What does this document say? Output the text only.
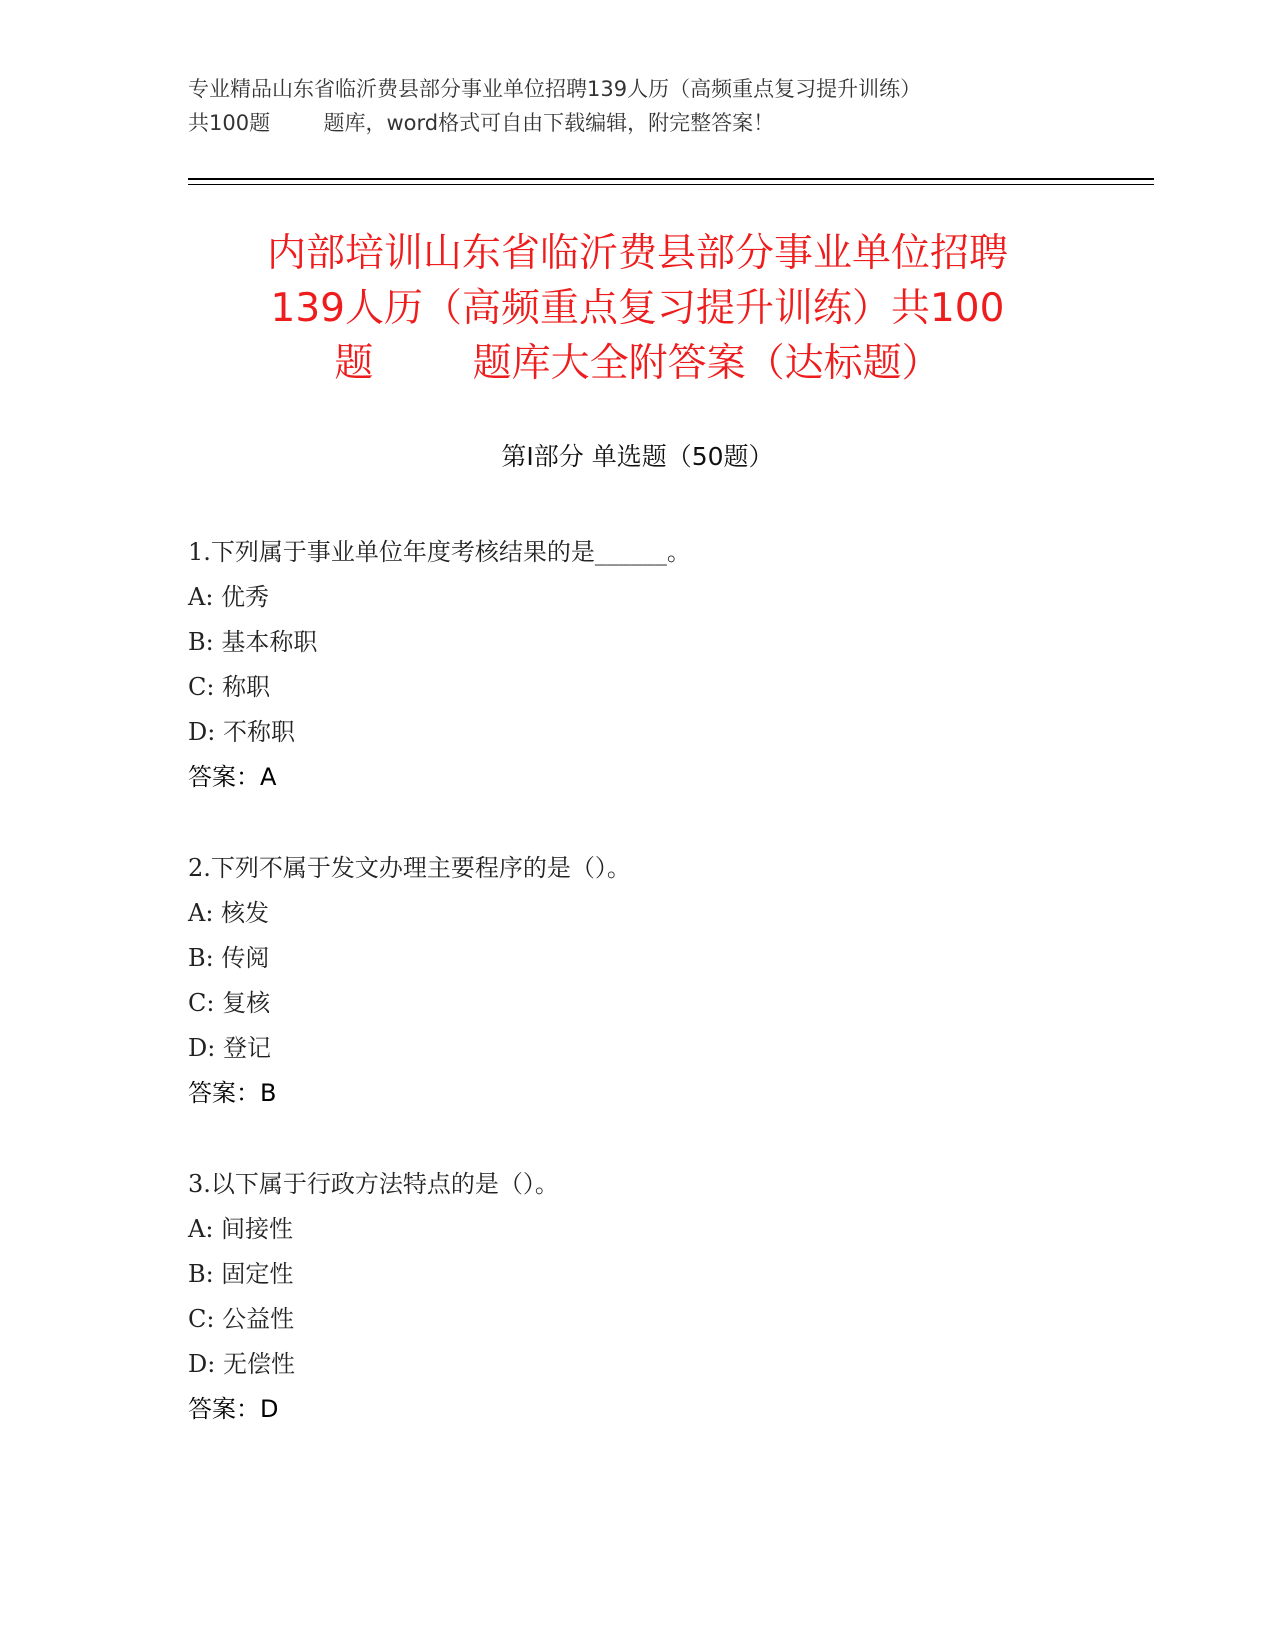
专业精品山东省临沂费县部分事业单位招聘139人历（高频重点复习提升训练）
共100题        题库，word格式可自由下载编辑，附完整答案！
内部培训山东省临沂费县部分事业单位招聘
139人历（高频重点复习提升训练）共100
题        题库大全附答案（达标题）
第Ⅰ部分 单选题（50题）
1.下列属于事业单位年度考核结果的是______。
A: 优秀
B: 基本称职
C: 称职
D: 不称职
答案：A
2.下列不属于发文办理主要程序的是（）。
A: 核发
B: 传阅
C: 复核
D: 登记
答案：B
3.以下属于行政方法特点的是（）。
A: 间接性
B: 固定性
C: 公益性
D: 无偿性
答案：D
